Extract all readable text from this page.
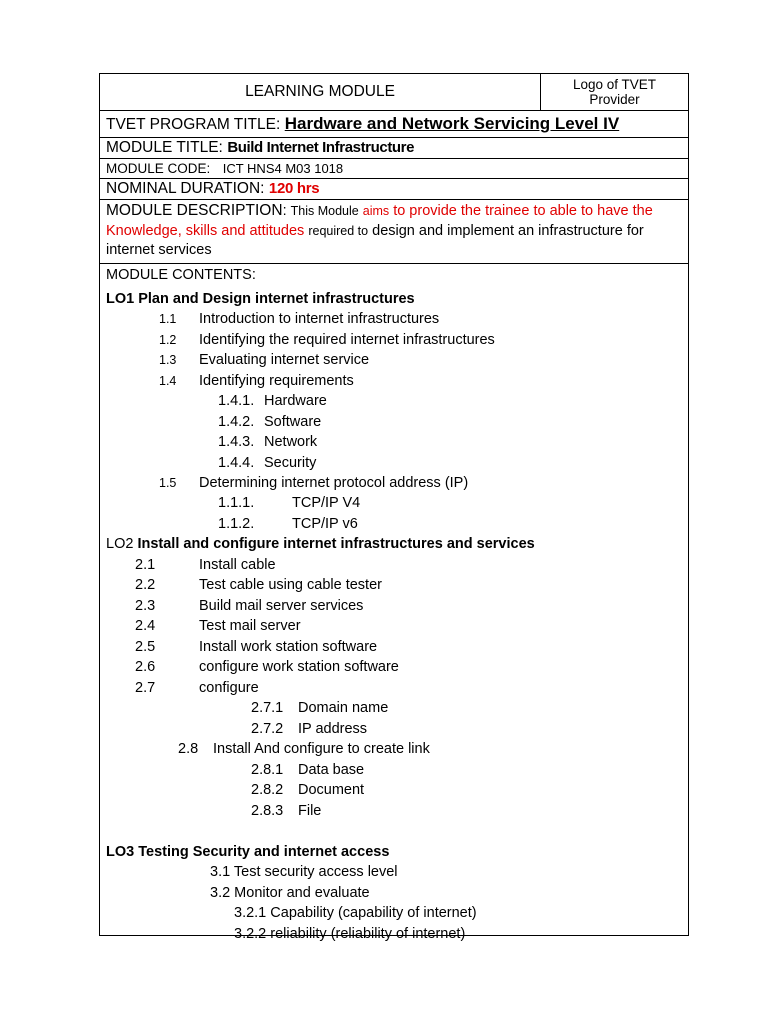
LEARNING MODULE	Logo of TVET Provider
TVET PROGRAM TITLE: Hardware and Network Servicing Level IV
MODULE TITLE: Build Internet Infrastructure
MODULE CODE: ICT HNS4 M03 1018
NOMINAL DURATION: 120 hrs
MODULE DESCRIPTION: This Module aims to provide the trainee to able to have the Knowledge, skills and attitudes required to design and implement an infrastructure for internet services

MODULE CONTENTS:
LO1 Plan and Design internet infrastructures
1.1 Introduction to internet infrastructures
1.2 Identifying the required internet infrastructures
1.3 Evaluating internet service
1.4 Identifying requirements
1.4.1. Hardware
1.4.2. Software
1.4.3. Network
1.4.4. Security
1.5 Determining internet protocol address (IP)
1.1.1.	TCP/IP V4
1.1.2.	TCP/IP v6
LO2 Install and configure internet infrastructures and services
2.1	Install cable
2.2	Test cable using cable tester
2.3	Build mail server services
2.4	Test mail server
2.5	Install work station software
2.6	configure work station software
2.7	configure
2.7.1 Domain name
2.7.2 IP address
2.8 Install And configure to create link
2.8.1 Data base
2.8.2 Document
2.8.3 File
LO3 Testing Security and internet access
3.1 Test security access level
3.2 Monitor and evaluate
3.2.1 Capability (capability of internet)
3.2.2 reliability (reliability of internet)
